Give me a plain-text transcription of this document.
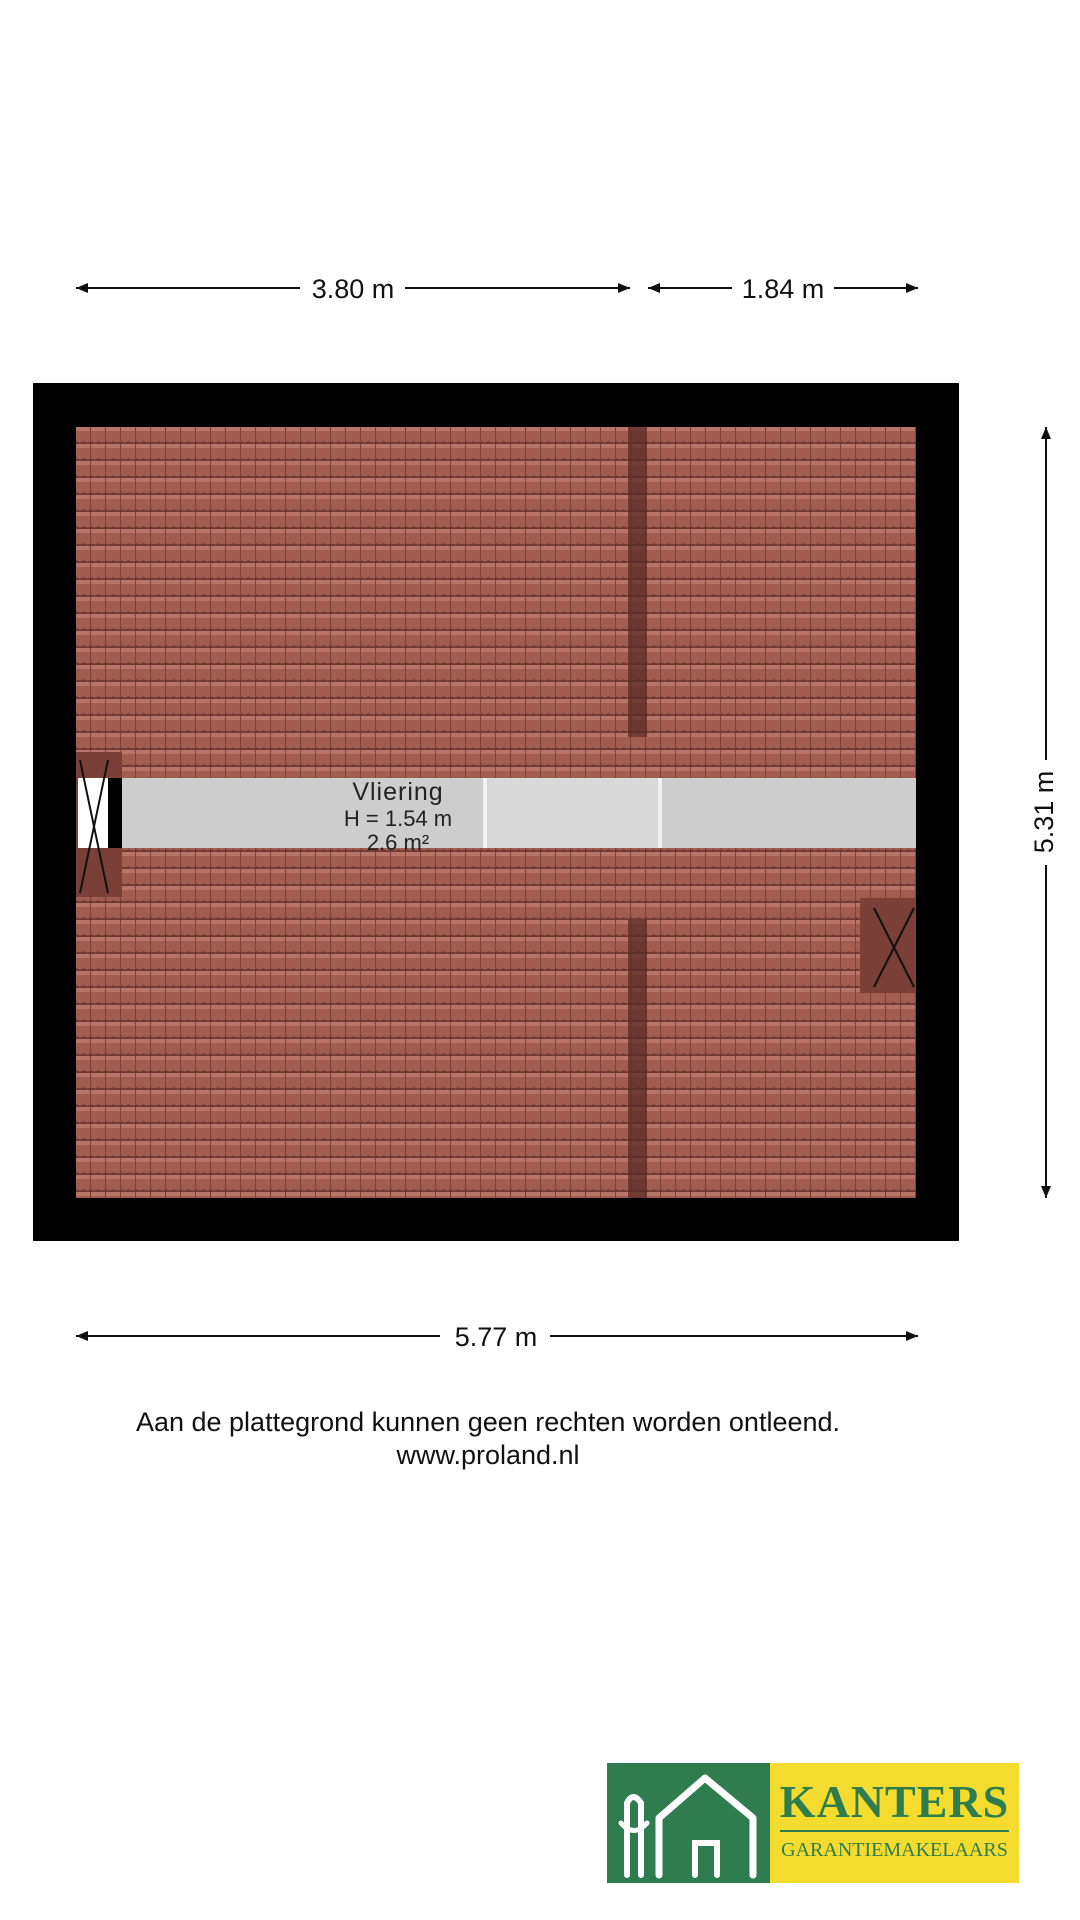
Vliering
H = 1.54 m
2.6 m²
3.80 m	1.84 m
5.31 m
5.77 m
Aan de plattegrond kunnen geen rechten worden ontleend.
www.proland.nl
KANTERS
GARANTIEMAKELAARS
